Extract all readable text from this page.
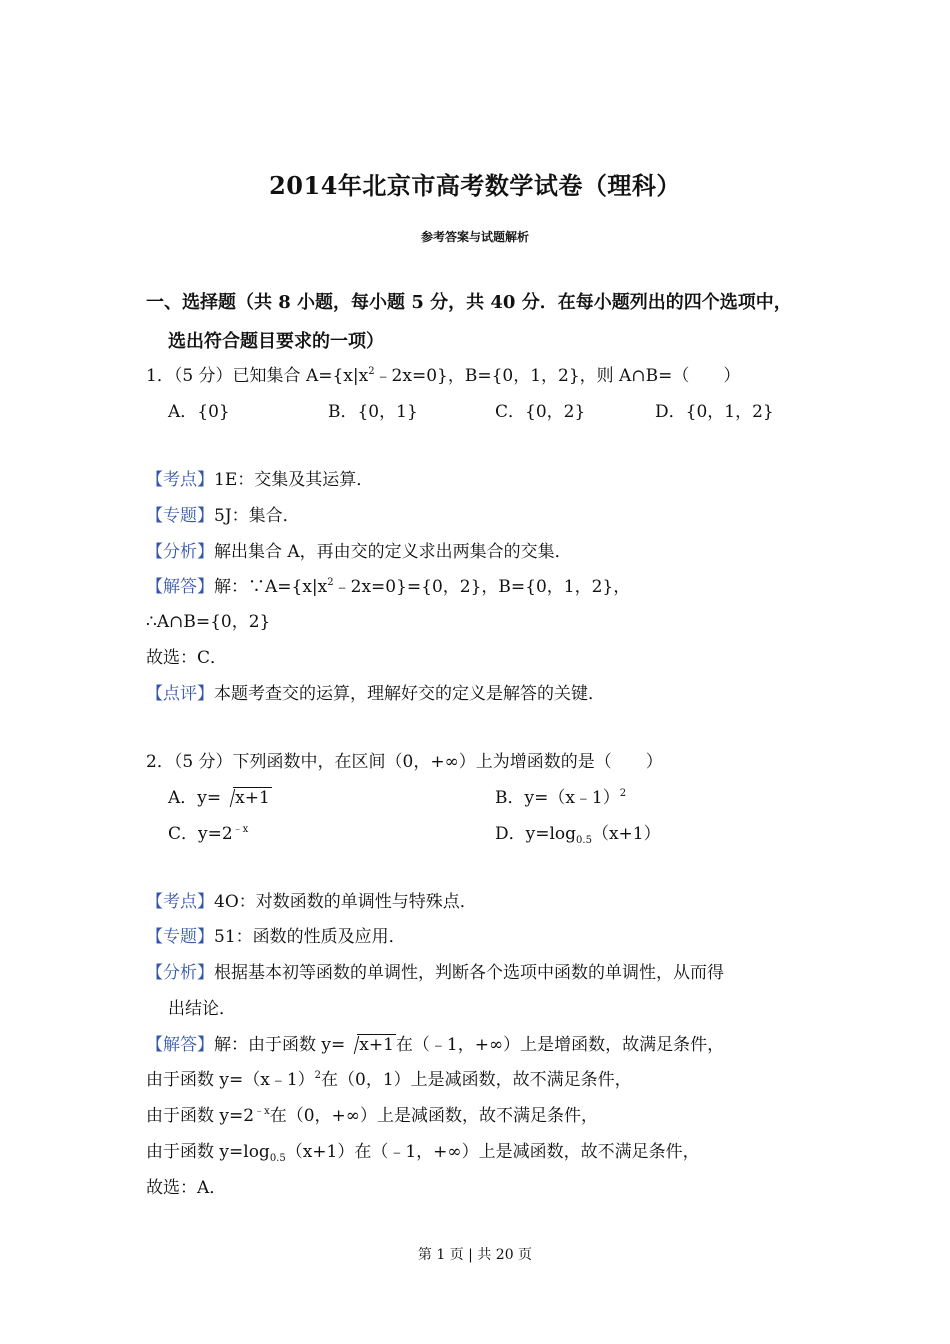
2014年北京市高考数学试卷（理科）
参考答案与试题解析
一、选择题（共 8 小题，每小题 5 分，共 40 分．在每小题列出的四个选项中，
选出符合题目要求的一项）
1．（5 分）已知集合 $A=\{x|x^2﹣2x=0\}$，B={0，1，2}，则 A∩B=（　　）
A．{0}	B．{0，1}	C．{0，2}	D．{0，1，2}
【考点】1E：交集及其运算．
【专题】5J：集合．
【分析】解出集合 A，再由交的定义求出两集合的交集．
【解答】解：$\because A=\{x|x^2﹣2x=0\}=\{0$，2}，B={0，1，2}，
∴A∩B={0，2}
故选：C．
【点评】本题考查交的运算，理解好交的定义是解答的关键．
2．（5 分）下列函数中，在区间（0，+∞）上为增函数的是（　　）
A．y= x+1	B．y=（x﹣1）$^2$
C．$y=2^{﹣x}$	D．$y=\log_{0.5}(x+1)$
【考点】4O：对数函数的单调性与特殊点．
【专题】51：函数的性质及应用．
【分析】根据基本初等函数的单调性，判断各个选项中函数的单调性，从而得
出结论．
【解答】解：由于函数 y= x+1 在（﹣1，+∞）上是增函数，故满足条件，
由于函数 y=（x﹣1）$^2$在（0，1）上是减函数，故不满足条件，
由于函数 $y=2^{﹣x}$在（0，+∞）上是减函数，故不满足条件，
由于函数 $y=\log_{0.5}(x+1)$在（﹣1，+∞）上是减函数，故不满足条件，
故选：A．
第 1 页 | 共 20 页
